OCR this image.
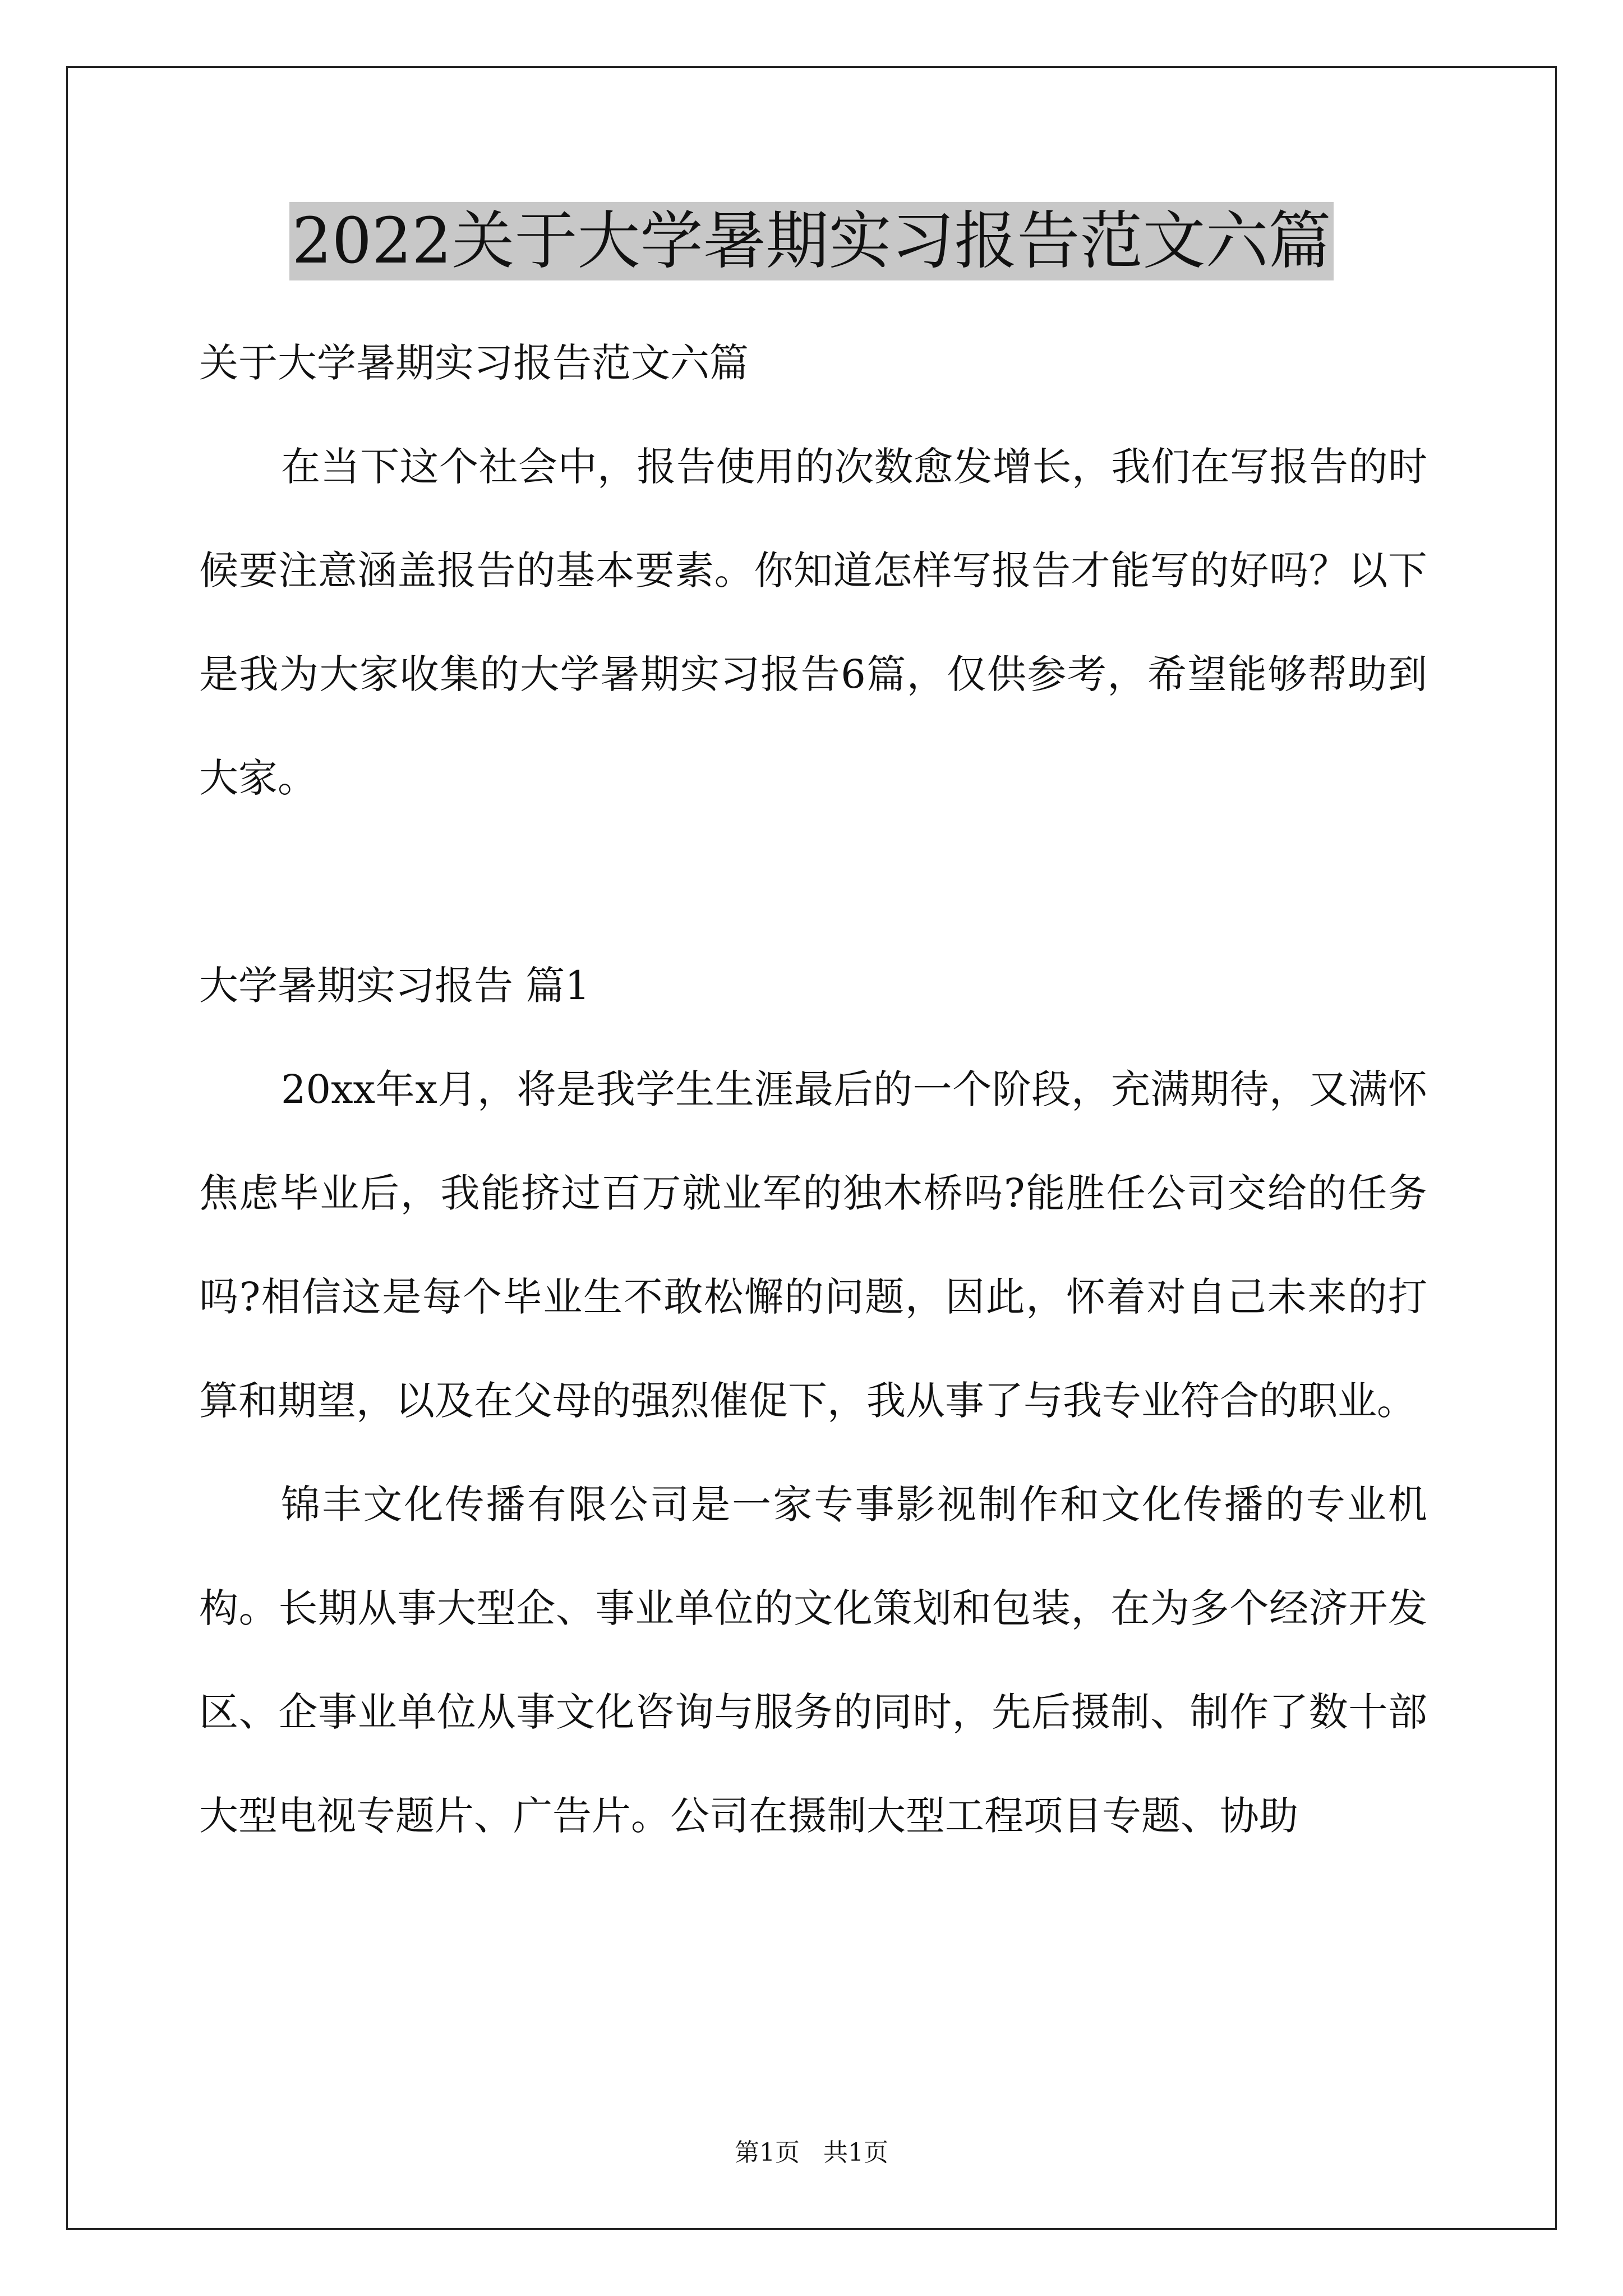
2022关于大学暑期实习报告范文六篇

关于大学暑期实习报告范文六篇

在当下这个社会中，报告使用的次数愈发增长，我们在写报告的时候要注意涵盖报告的基本要素。你知道怎样写报告才能写的好吗？以下是我为大家收集的大学暑期实习报告6篇，仅供参考，希望能够帮助到大家。

大学暑期实习报告 篇1

20xx年x月，将是我学生生涯最后的一个阶段，充满期待，又满怀焦虑毕业后，我能挤过百万就业军的独木桥吗?能胜任公司交给的任务吗?相信这是每个毕业生不敢松懈的问题，因此，怀着对自己未来的打算和期望，以及在父母的强烈催促下，我从事了与我专业符合的职业。

锦丰文化传播有限公司是一家专事影视制作和文化传播的专业机构。长期从事大型企、事业单位的文化策划和包装，在为多个经济开发区、企事业单位从事文化咨询与服务的同时，先后摄制、制作了数十部大型电视专题片、广告片。公司在摄制大型工程项目专题、协助

第1页   共1页
